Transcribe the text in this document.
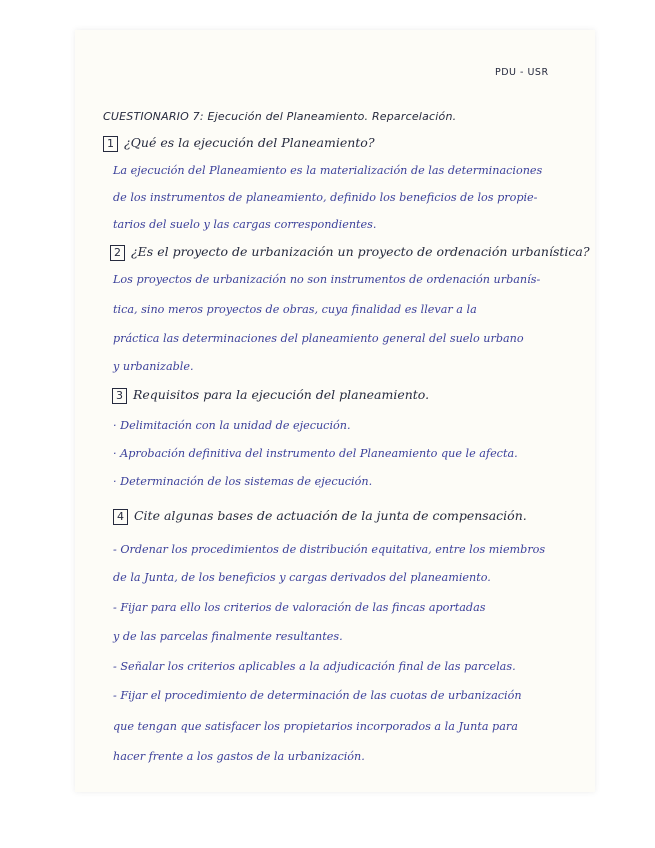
PDU - USR
CUESTIONARIO 7: Ejecución del Planeamiento. Reparcelación.
1 ¿Qué es la ejecución del Planeamiento?
La ejecución del Planeamiento es la materialización de las determinaciones
de los instrumentos de planeamiento, definido los beneficios de los propie-
tarios del suelo y las cargas correspondientes.
2 ¿Es el proyecto de urbanización un proyecto de ordenación urbanística?
Los proyectos de urbanización no son instrumentos de ordenación urbanís-
tica, sino meros proyectos de obras, cuya finalidad es llevar a la
práctica las determinaciones del planeamiento general del suelo urbano
y urbanizable.
3 Requisitos para la ejecución del planeamiento.
· Delimitación con la unidad de ejecución.
· Aprobación definitiva del instrumento del Planeamiento que le afecta.
· Determinación de los sistemas de ejecución.
4 Cite algunas bases de actuación de la junta de compensación.
- Ordenar los procedimientos de distribución equitativa, entre los miembros
de la Junta, de los beneficios y cargas derivados del planeamiento.
- Fijar para ello los criterios de valoración de las fincas aportadas
y de las parcelas finalmente resultantes.
- Señalar los criterios aplicables a la adjudicación final de las parcelas.
- Fijar el procedimiento de determinación de las cuotas de urbanización
que tengan que satisfacer los propietarios incorporados a la Junta para
hacer frente a los gastos de la urbanización.
